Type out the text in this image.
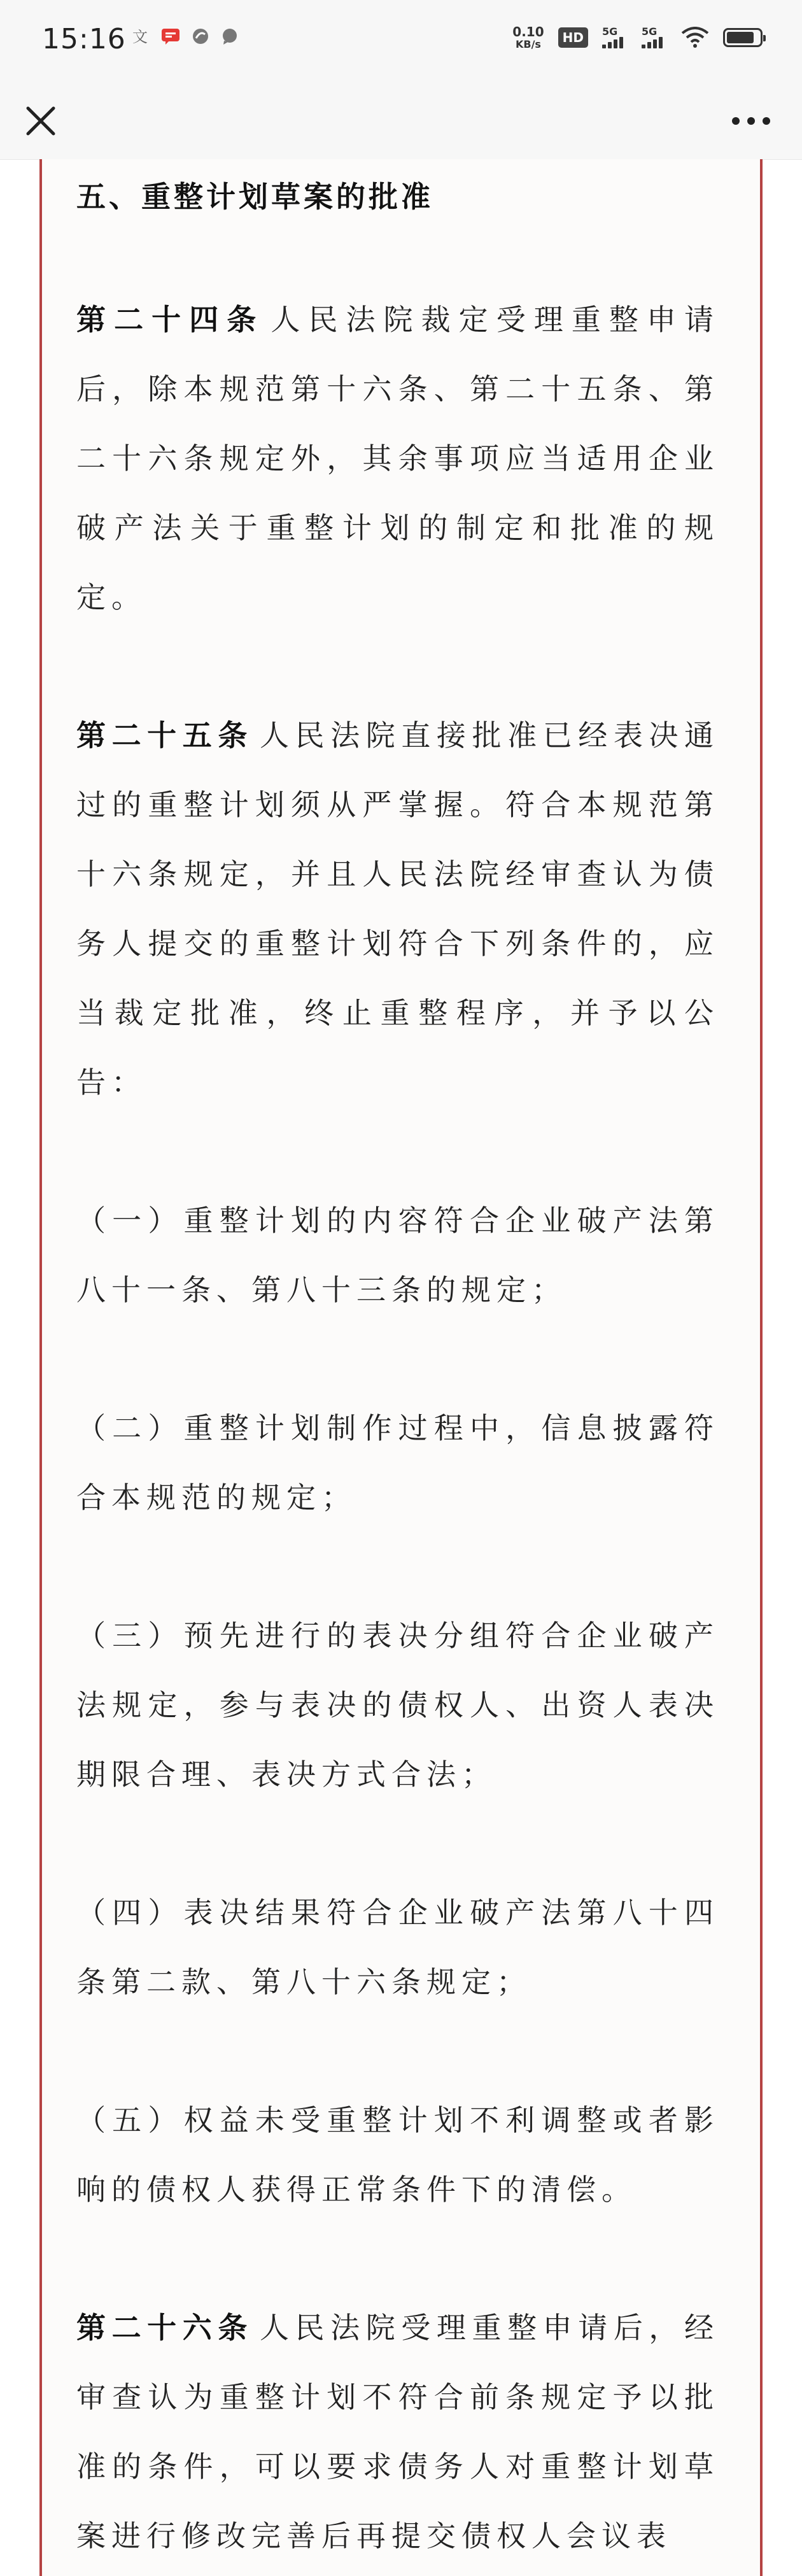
15:16 文	0.10
KB/s	HD	5G 5G
五、重整计划草案的批准

第二十四条 人民法院裁定受理重整申请后，除本规范第十六条、第二十五条、第二十六条规定外，其余事项应当适用企业破产法关于重整计划的制定和批准的规定。

第二十五条 人民法院直接批准已经表决通过的重整计划须从严掌握。符合本规范第十六条规定，并且人民法院经审查认为债务人提交的重整计划符合下列条件的，应当裁定批准，终止重整程序，并予以公告：

（一）重整计划的内容符合企业破产法第八十一条、第八十三条的规定；

（二）重整计划制作过程中，信息披露符合本规范的规定；

（三）预先进行的表决分组符合企业破产法规定，参与表决的债权人、出资人表决期限合理、表决方式合法；

（四）表决结果符合企业破产法第八十四条第二款、第八十六条规定；

（五）权益未受重整计划不利调整或者影响的债权人获得正常条件下的清偿。

第二十六条 人民法院受理重整申请后，经审查认为重整计划不符合前条规定予以批准的条件，可以要求债务人对重整计划草案进行修改完善后再提交债权人会议表
